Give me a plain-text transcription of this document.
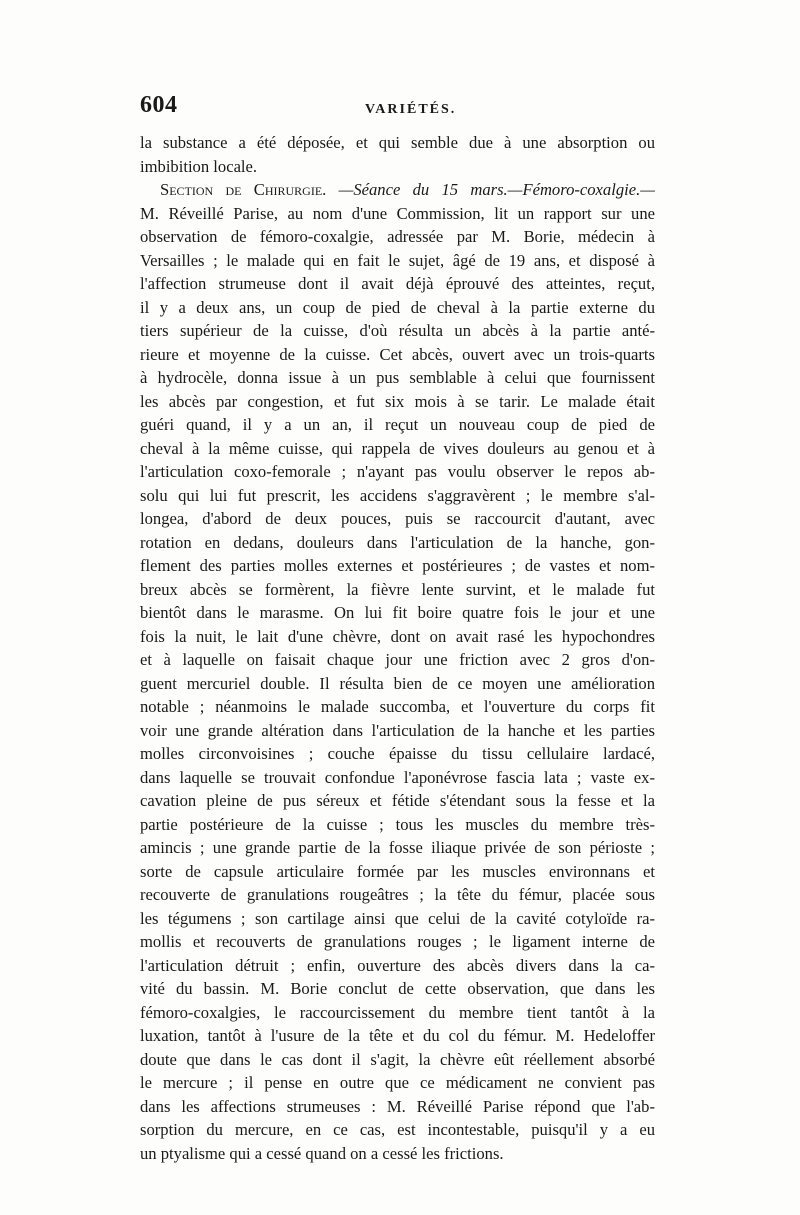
604	VARIÉTÉS.
la substance a été déposée, et qui semble due à une absorption ou
imbibition locale.
Section de Chirurgie. —Séance du 15 mars.—Fémoro-coxalgie.—
M. Réveillé Parise, au nom d'une Commission, lit un rapport sur une
observation de fémoro-coxalgie, adressée par M. Borie, médecin à
Versailles ; le malade qui en fait le sujet, âgé de 19 ans, et disposé à
l'affection strumeuse dont il avait déjà éprouvé des atteintes, reçut,
il y a deux ans, un coup de pied de cheval à la partie externe du
tiers supérieur de la cuisse, d'où résulta un abcès à la partie anté-
rieure et moyenne de la cuisse. Cet abcès, ouvert avec un trois-quarts
à hydrocèle, donna issue à un pus semblable à celui que fournissent
les abcès par congestion, et fut six mois à se tarir. Le malade était
guéri quand, il y a un an, il reçut un nouveau coup de pied de
cheval à la même cuisse, qui rappela de vives douleurs au genou et à
l'articulation coxo-femorale ; n'ayant pas voulu observer le repos ab-
solu qui lui fut prescrit, les accidens s'aggravèrent ; le membre s'al-
longea, d'abord de deux pouces, puis se raccourcit d'autant, avec
rotation en dedans, douleurs dans l'articulation de la hanche, gon-
flement des parties molles externes et postérieures ; de vastes et nom-
breux abcès se formèrent, la fièvre lente survint, et le malade fut
bientôt dans le marasme. On lui fit boire quatre fois le jour et une
fois la nuit, le lait d'une chèvre, dont on avait rasé les hypochondres
et à laquelle on faisait chaque jour une friction avec 2 gros d'on-
guent mercuriel double. Il résulta bien de ce moyen une amélioration
notable ; néanmoins le malade succomba, et l'ouverture du corps fit
voir une grande altération dans l'articulation de la hanche et les parties
molles circonvoisines ; couche épaisse du tissu cellulaire lardacé,
dans laquelle se trouvait confondue l'aponévrose fascia lata ; vaste ex-
cavation pleine de pus séreux et fétide s'étendant sous la fesse et la
partie postérieure de la cuisse ; tous les muscles du membre très-
amincis ; une grande partie de la fosse iliaque privée de son périoste ;
sorte de capsule articulaire formée par les muscles environnans et
recouverte de granulations rougeâtres ; la tête du fémur, placée sous
les tégumens ; son cartilage ainsi que celui de la cavité cotyloïde ra-
mollis et recouverts de granulations rouges ; le ligament interne de
l'articulation détruit ; enfin, ouverture des abcès divers dans la ca-
vité du bassin. M. Borie conclut de cette observation, que dans les
fémoro-coxalgies, le raccourcissement du membre tient tantôt à la
luxation, tantôt à l'usure de la tête et du col du fémur. M. Hedeloffer
doute que dans le cas dont il s'agit, la chèvre eût réellement absorbé
le mercure ; il pense en outre que ce médicament ne convient pas
dans les affections strumeuses : M. Réveillé Parise répond que l'ab-
sorption du mercure, en ce cas, est incontestable, puisqu'il y a eu
un ptyalisme qui a cessé quand on a cessé les frictions.
